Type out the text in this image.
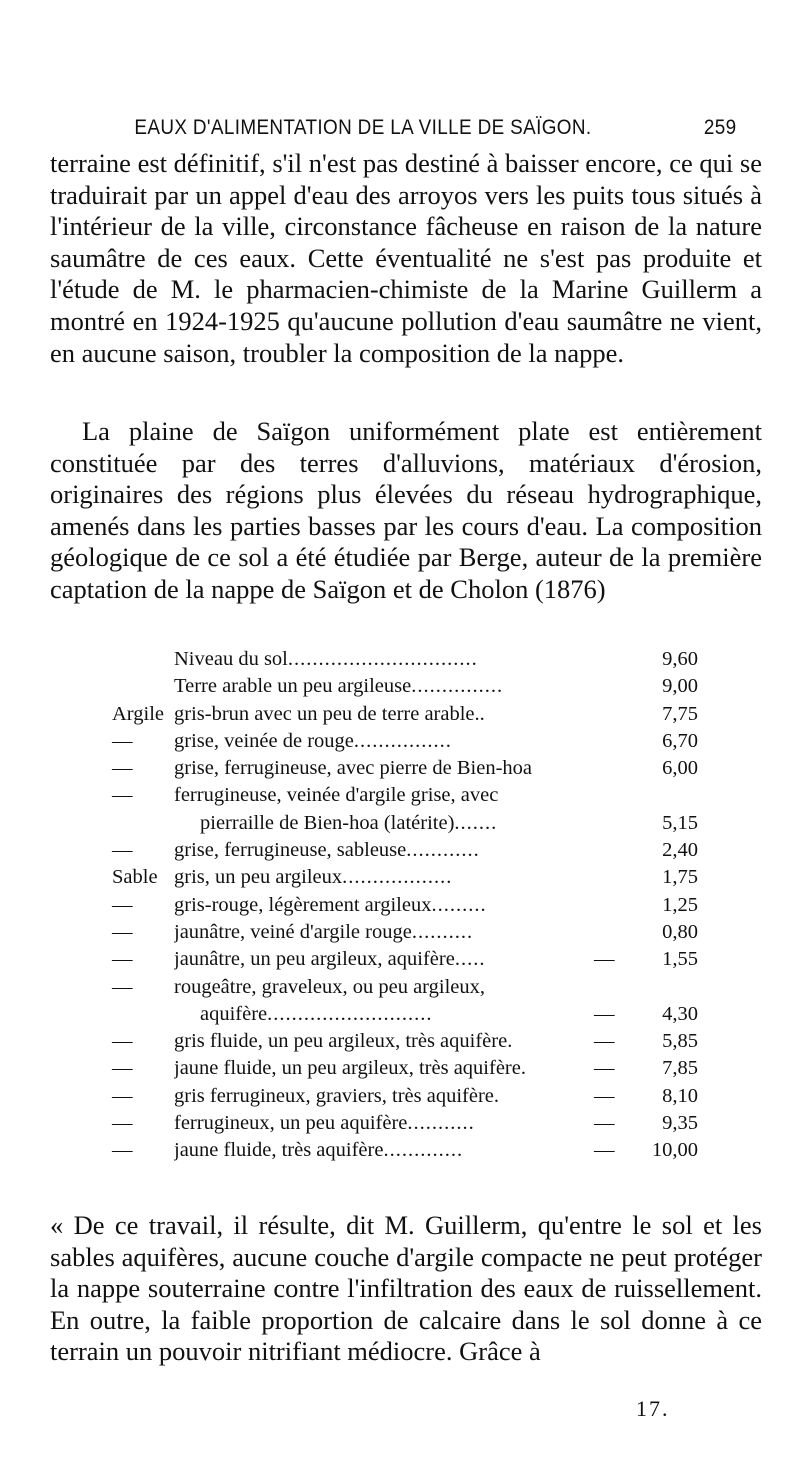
EAUX D'ALIMENTATION DE LA VILLE DE SAÏGON.	259
terraine est définitif, s'il n'est pas destiné à baisser encore, ce qui se traduirait par un appel d'eau des arroyos vers les puits tous situés à l'intérieur de la ville, circonstance fâcheuse en raison de la nature saumâtre de ces eaux. Cette éventualité ne s'est pas produite et l'étude de M. le pharmacien-chimiste de la Marine Guillerm a montré en 1924-1925 qu'aucune pollution d'eau saumâtre ne vient, en aucune saison, troubler la composition de la nappe.
La plaine de Saïgon uniformément plate est entièrement constituée par des terres d'alluvions, matériaux d'érosion, originaires des régions plus élevées du réseau hydrographique, amenés dans les parties basses par les cours d'eau. La composition géologique de ce sol a été étudiée par Berge, auteur de la première captation de la nappe de Saïgon et de Cholon (1876)
Niveau du sol...............................	9,60
Terre arable un peu argileuse...............	9,00
Argile gris-brun avec un peu de terre arable..	7,75
—	grise, veinée de rouge................	6,70
—	grise, ferrugineuse, avec pierre de Bien-hoa	6,00
—	ferrugineuse, veinée d'argile grise, avec
pierraille de Bien-hoa (latérite).......	5,15
—	grise, ferrugineuse, sableuse............	2,40
Sable gris, un peu argileux..................	1,75
—	gris-rouge, légèrement argileux.........	1,25
—	jaunâtre, veiné d'argile rouge..........	0,80
—	jaunâtre, un peu argileux, aquifère.....	—	1,55
—	rougeâtre, graveleux, ou peu argileux,
aquifère...........................	—	4,30
—	gris fluide, un peu argileux, très aquifère.	—	5,85
—	jaune fluide, un peu argileux, très aquifère.	—	7,85
—	gris ferrugineux, graviers, très aquifère.	—	8,10
—	ferrugineux, un peu aquifère...........	—	9,35
—	jaune fluide, très aquifère.............	—	10,00
« De ce travail, il résulte, dit M. Guillerm, qu'entre le sol et les sables aquifères, aucune couche d'argile compacte ne peut protéger la nappe souterraine contre l'infiltration des eaux de ruissellement. En outre, la faible proportion de calcaire dans le sol donne à ce terrain un pouvoir nitrifiant médiocre. Grâce à
17.
